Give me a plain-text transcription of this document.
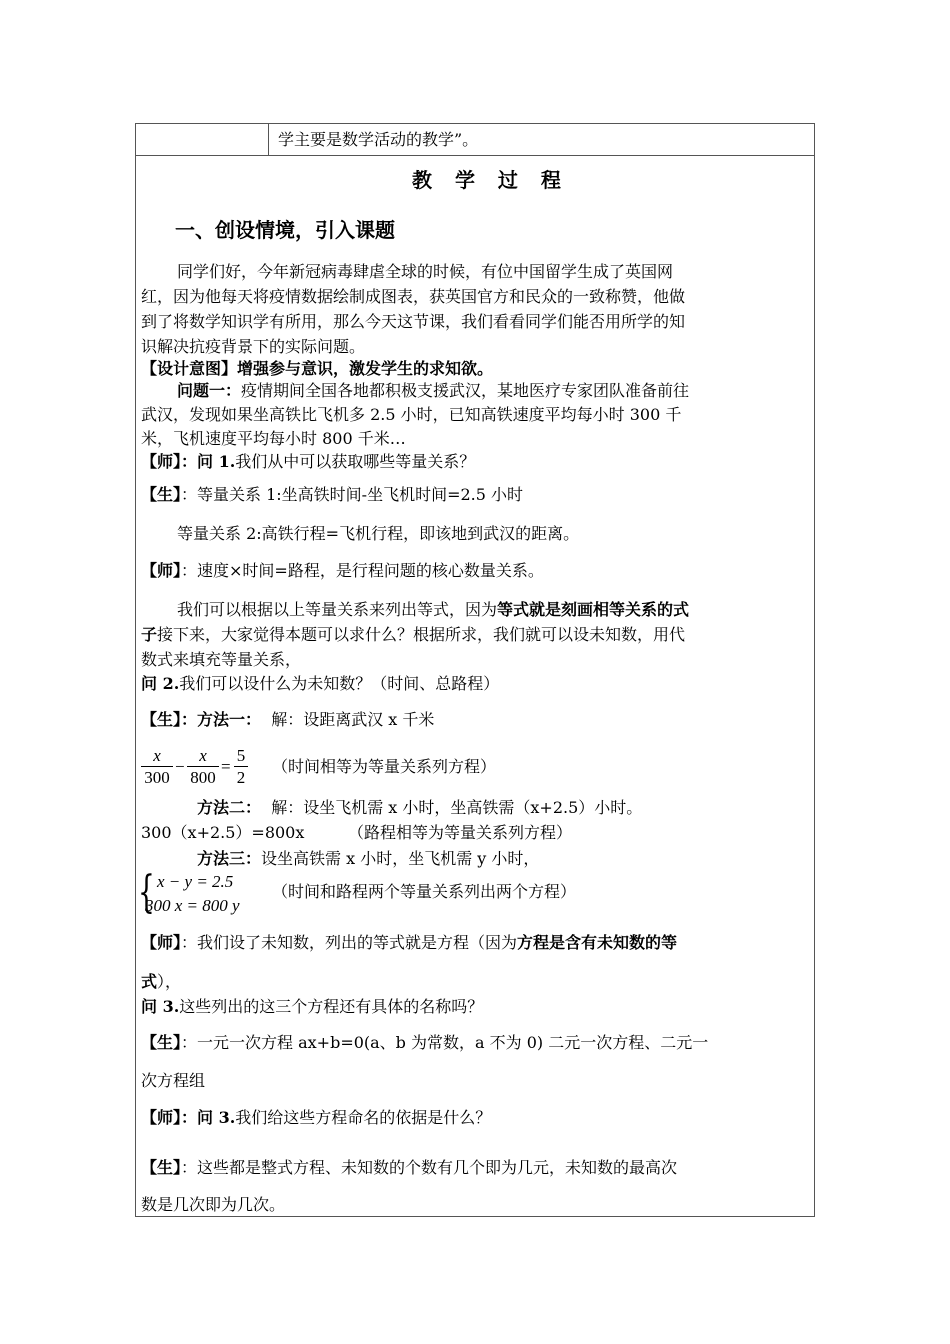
学主要是数学活动的教学”。
教 学 过 程
一、创设情境，引入课题
同学们好，今年新冠病毒肆虐全球的时候，有位中国留学生成了英国网
红，因为他每天将疫情数据绘制成图表，获英国官方和民众的一致称赞，他做
到了将数学知识学有所用，那么今天这节课，我们看看同学们能否用所学的知
识解决抗疫背景下的实际问题。
【设计意图】增强参与意识，激发学生的求知欲。
问题一：疫情期间全国各地都积极支援武汉，某地医疗专家团队准备前往
武汉，发现如果坐高铁比飞机多 2.5 小时，已知高铁速度平均每小时 300 千
米，飞机速度平均每小时 800 千米…
【师】：问 1.我们从中可以获取哪些等量关系？
【生】：等量关系 1:坐高铁时间-坐飞机时间=2.5 小时
等量关系 2:高铁行程=飞机行程，即该地到武汉的距离。
【师】：速度×时间=路程，是行程问题的核心数量关系。
我们可以根据以上等量关系来列出等式，因为等式就是刻画相等关系的式
子接下来，大家觉得本题可以求什么？根据所求，我们就可以设未知数，用代
数式来填充等量关系，
问 2.我们可以设什么为未知数？（时间、总路程）
【生】：方法一： 解：设距离武汉 x 千米
x
300
−
x
800
=
5
2
（时间相等为等量关系列方程）
方法二： 解：设坐飞机需 x 小时，坐高铁需（x+2.5）小时。
300（x+2.5）=800x	（路程相等为等量关系列方程）
方法三：设坐高铁需 x 小时，坐飞机需 y 小时，
{ x − y = 2.5
300 x = 800 y
（时间和路程两个等量关系列出两个方程）
【师】：我们设了未知数，列出的等式就是方程（因为方程是含有未知数的等
式），
问 3.这些列出的这三个方程还有具体的名称吗？
【生】：一元一次方程 ax+b=0(a、b 为常数，a 不为 0) 二元一次方程、二元一
次方程组
【师】：问 3.我们给这些方程命名的依据是什么？
【生】：这些都是整式方程、未知数的个数有几个即为几元，未知数的最高次
数是几次即为几次。
